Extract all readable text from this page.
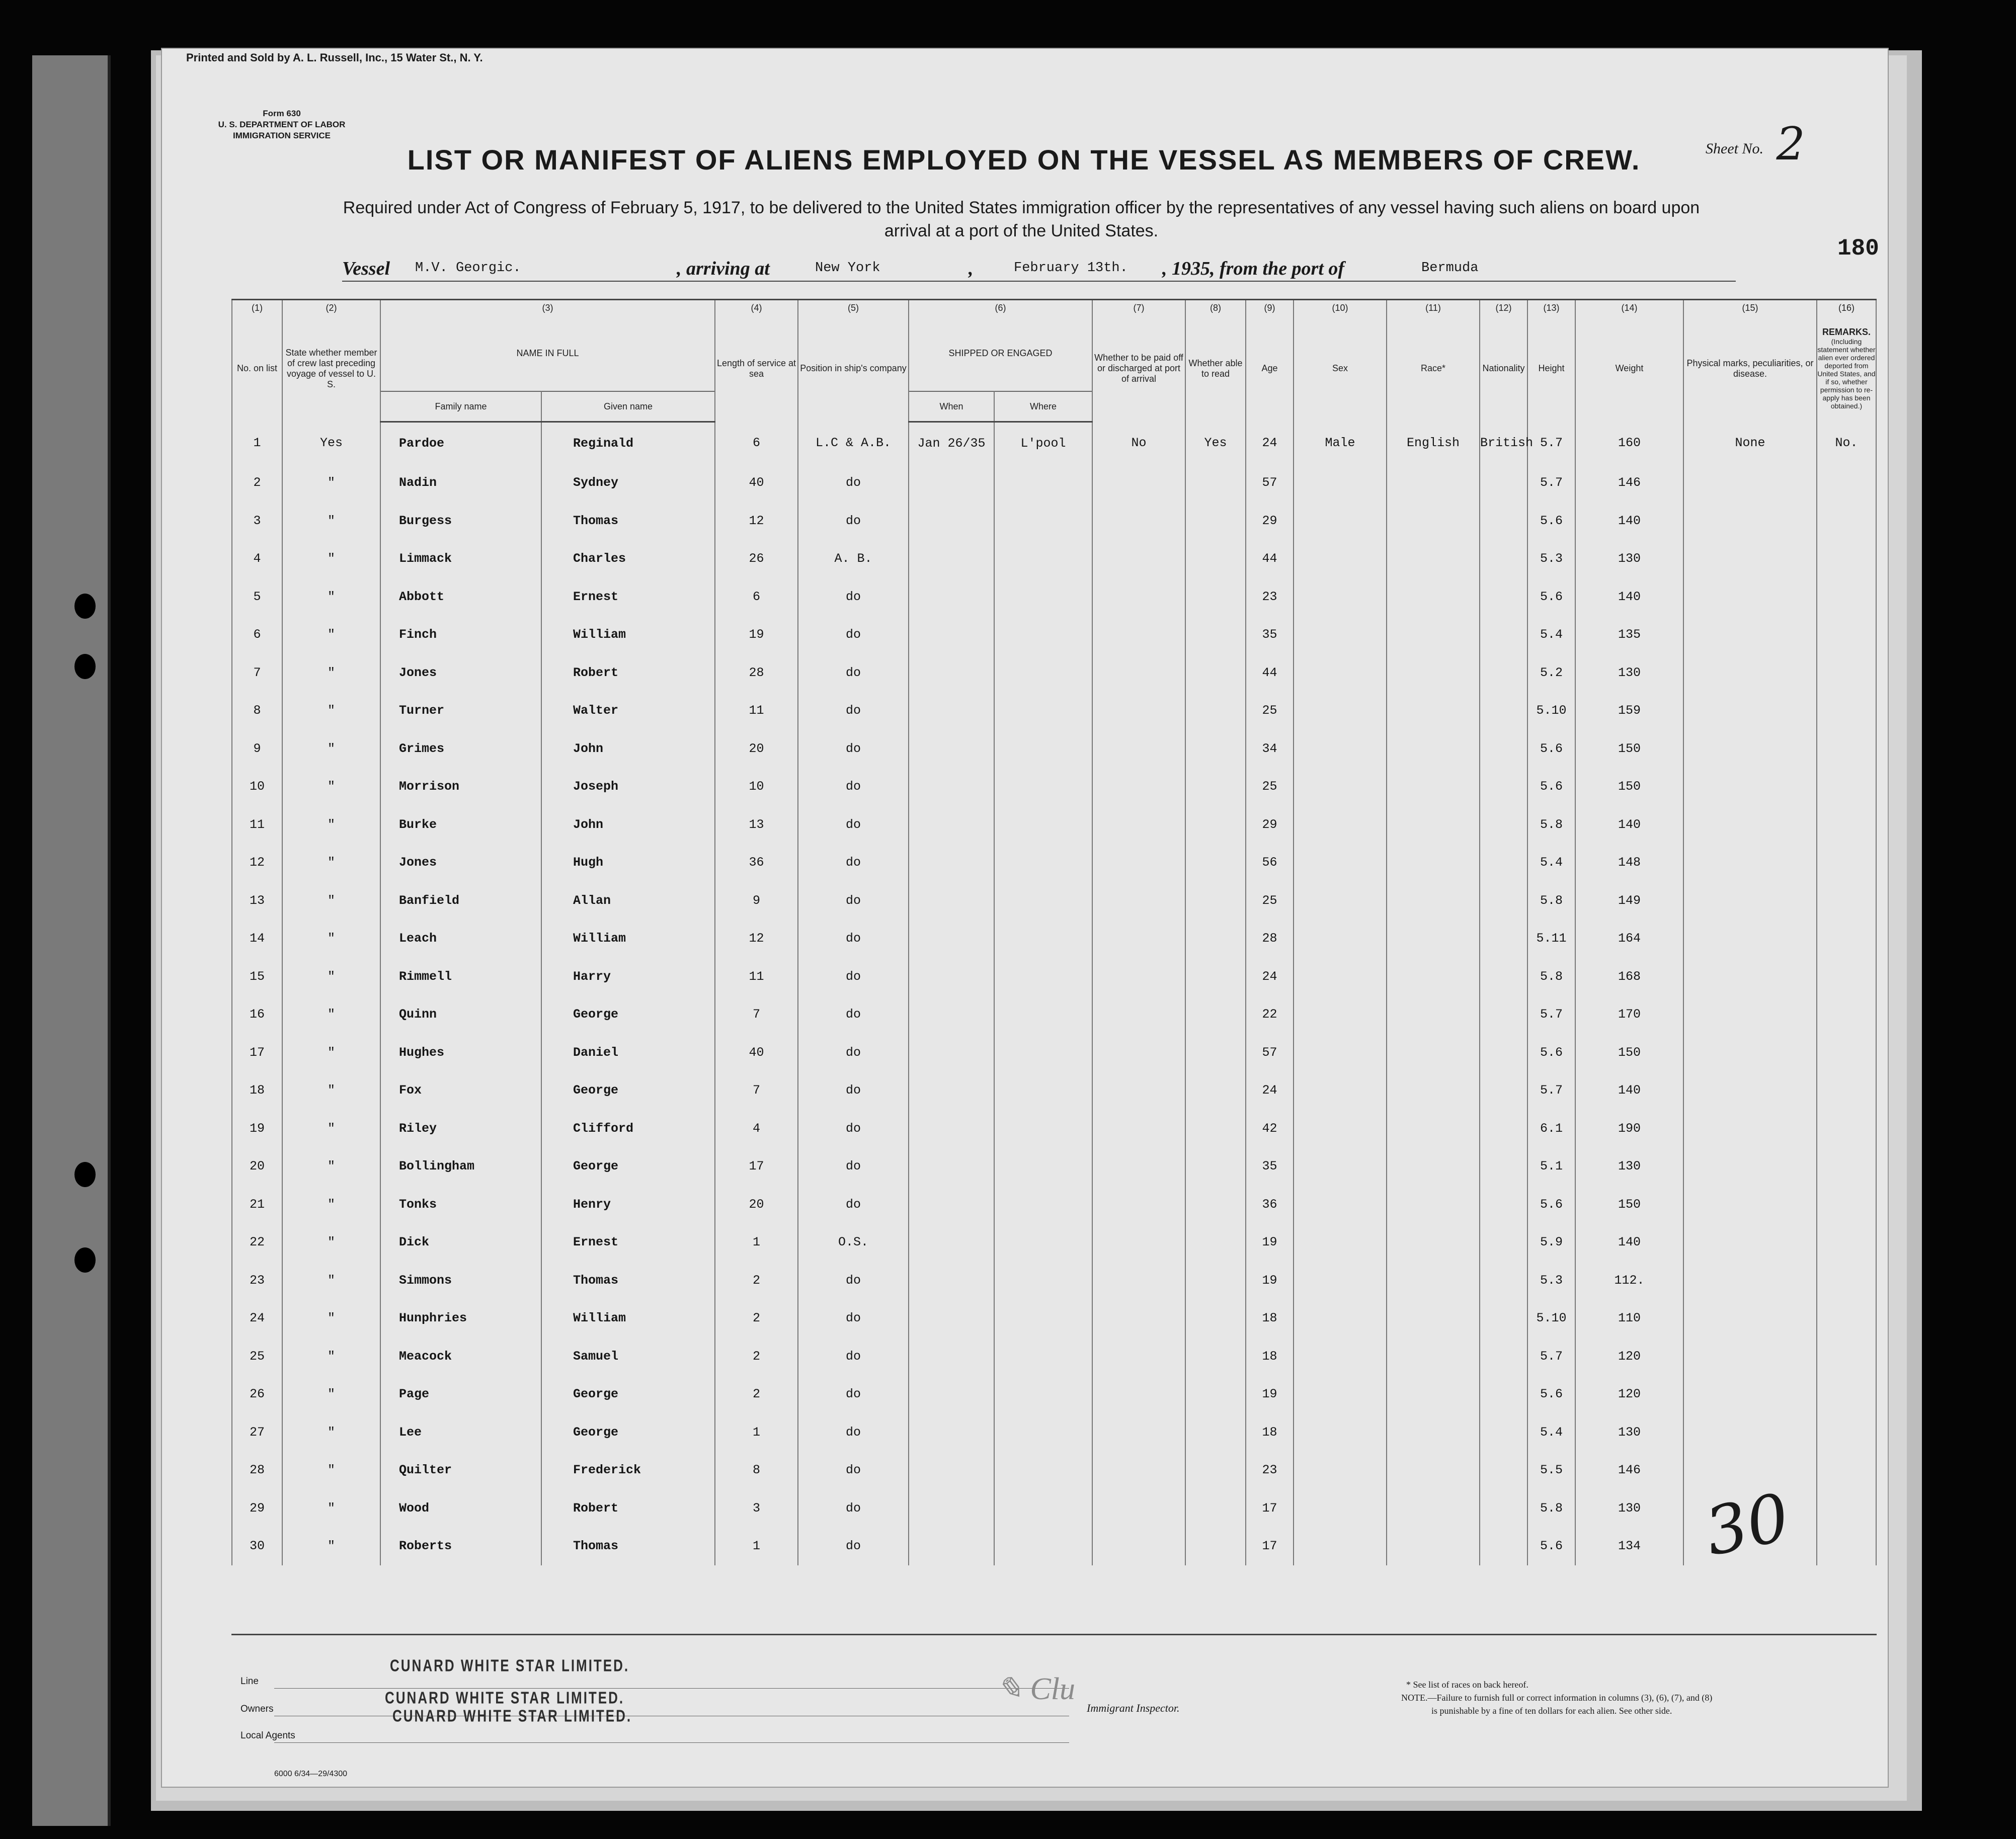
Printed and Sold by A. L. Russell, Inc., 15 Water St., N. Y.
Form 630
U. S. DEPARTMENT OF LABOR
IMMIGRATION SERVICE
Sheet No. 2
LIST OR MANIFEST OF ALIENS EMPLOYED ON THE VESSEL AS MEMBERS OF CREW.
Required under Act of Congress of February 5, 1917, to be delivered to the United States immigration officer by the representatives of any vessel having such aliens on board upon arrival at a port of the United States.
180
Vessel M.V. Georgic.	, arriving at	New York	,	February 13th. , 1935, from the port of	Bermuda
(1)	(2)	(3)		(4)	(5)	(6)		(7)	(8)	(9)	(10)	(11)	(12)	(13)	(14)	(15)	(16)
No. on list	State whether member of crew last preceding voyage of vessel to U. S.	NAME IN FULL		Length of service at sea	Position in ship's company	SHIPPED OR ENGAGED		Whether to be paid off or discharged at port of arrival	Whether able to read	Age	Sex	Race*	Nationality	Height	Weight	Physical marks, peculiarities, or disease.	REMARKS.
(Including statement whether alien ever ordered deported from United States, and if so, whether permission to re-apply has been obtained.)

		Family name	Given name			When	Where										
1	Yes	Pardoe	Reginald	6	L.C & A.B.	Jan 26/35	L'pool	No	Yes	24	Male	English	British	5.7	160	None	No.
2	"	Nadin	Sydney	40	do					57				5.7	146		
3	"	Burgess	Thomas	12	do					29				5.6	140		
4	"	Limmack	Charles	26	A. B.					44				5.3	130		
5	"	Abbott	Ernest	6	do					23				5.6	140		
6	"	Finch	William	19	do					35				5.4	135		
7	"	Jones	Robert	28	do					44				5.2	130		
8	"	Turner	Walter	11	do					25				5.10	159		
9	"	Grimes	John	20	do					34				5.6	150		
10	"	Morrison	Joseph	10	do					25				5.6	150		
11	"	Burke	John	13	do					29				5.8	140		
12	"	Jones	Hugh	36	do					56				5.4	148		
13	"	Banfield	Allan	9	do					25				5.8	149		
14	"	Leach	William	12	do					28				5.11	164		
15	"	Rimmell	Harry	11	do					24				5.8	168		
16	"	Quinn	George	7	do					22				5.7	170		
17	"	Hughes	Daniel	40	do					57				5.6	150		
18	"	Fox	George	7	do					24				5.7	140		
19	"	Riley	Clifford	4	do					42				6.1	190		
20	"	Bollingham	George	17	do					35				5.1	130		
21	"	Tonks	Henry	20	do					36				5.6	150		
22	"	Dick	Ernest	1	O.S.					19				5.9	140		
23	"	Simmons	Thomas	2	do					19				5.3	112.		
24	"	Hunphries	William	2	do					18				5.10	110		
25	"	Meacock	Samuel	2	do					18				5.7	120		
26	"	Page	George	2	do					19				5.6	120		
27	"	Lee	George	1	do					18				5.4	130		
28	"	Quilter	Frederick	8	do					23				5.5	146		
29	"	Wood	Robert	3	do					17				5.8	130		
30	"	Roberts	Thomas	1	do					17				5.6	134		30
Line
CUNARD WHITE STAR LIMITED.
Owners
CUNARD WHITE STAR LIMITED.
CUNARD WHITE STAR LIMITED.
Local Agents
✎ Clu
Immigrant Inspector.
6000 6/34—29/4300
* See list of races on back hereof.
NOTE.—Failure to furnish full or correct information in columns (3), (6), (7), and (8)
is punishable by a fine of ten dollars for each alien. See other side.
